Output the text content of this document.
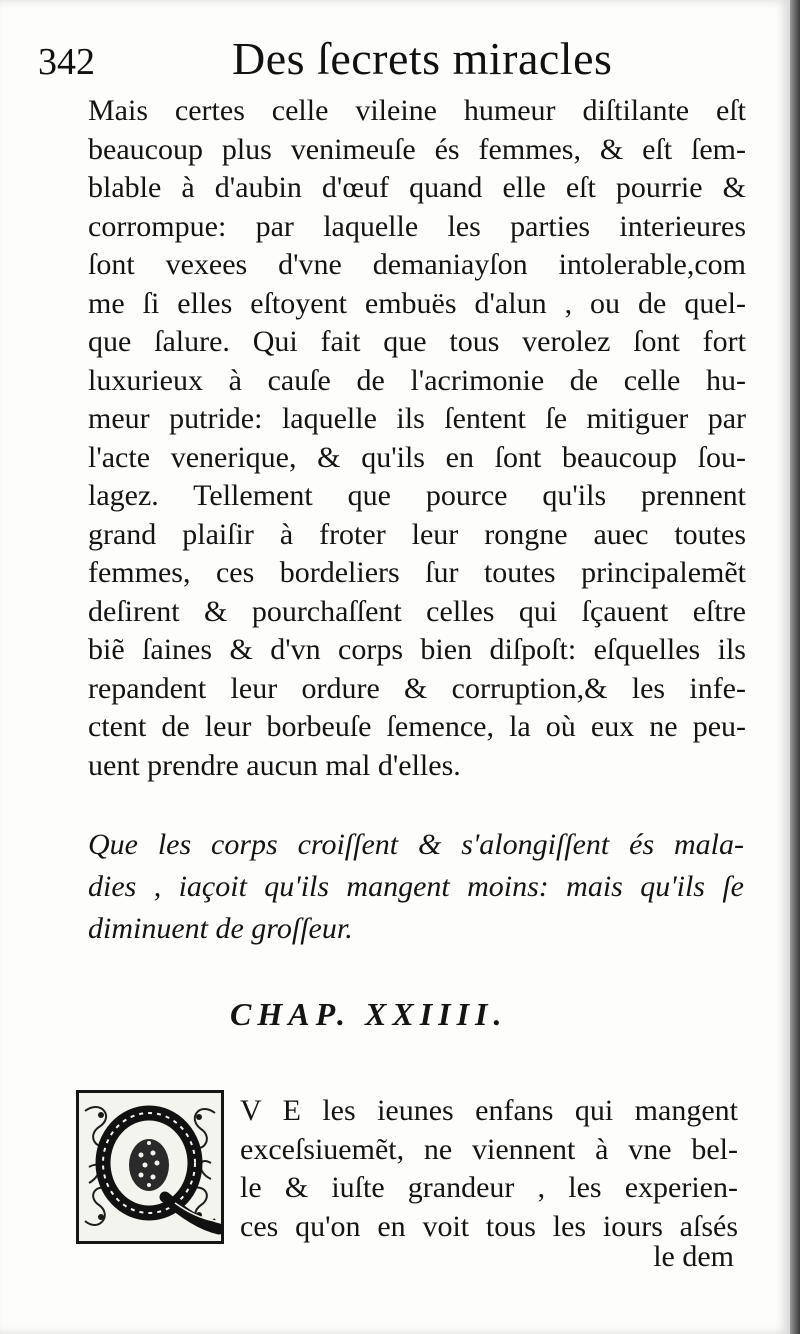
342	Des ſecrets miracles
Mais certes celle vileine humeur diſtilante eſt
beaucoup plus venimeuſe és femmes, & eſt ſem-
blable à d'aubin d'œuf quand elle eſt pourrie &
corrompue: par laquelle les parties interieures
ſont vexees d'vne demaniayſon intolerable,com
me ſi elles eſtoyent embuës d'alun , ou de quel-
que ſalure. Qui fait que tous verolez ſont fort
luxurieux à cauſe de l'acrimonie de celle hu-
meur putride: laquelle ils ſentent ſe mitiguer par
l'acte venerique, & qu'ils en ſont beaucoup ſou-
lagez. Tellement que pource qu'ils prennent
grand plaiſir à froter leur rongne auec toutes
femmes, ces bordeliers ſur toutes principalemẽt
deſirent & pourchaſſent celles qui ſçauent eſtre
biẽ ſaines & d'vn corps bien diſpoſt: eſquelles ils
repandent leur ordure & corruption,& les infe-
ctent de leur borbeuſe ſemence, la où eux ne peu-
uent prendre aucun mal d'elles.
Que les corps croiſſent & s'alongiſſent és mala-
dies , iaçoit qu'ils mangent moins: mais qu'ils ſe
diminuent de groſſeur.
CHAP. XXIIII.
V E les ieunes enfans qui mangent
exceſsiuemẽt, ne viennent à vne bel-
le & iuſte grandeur , les experien-
ces qu'on en voit tous les iours aſsés
le dem
